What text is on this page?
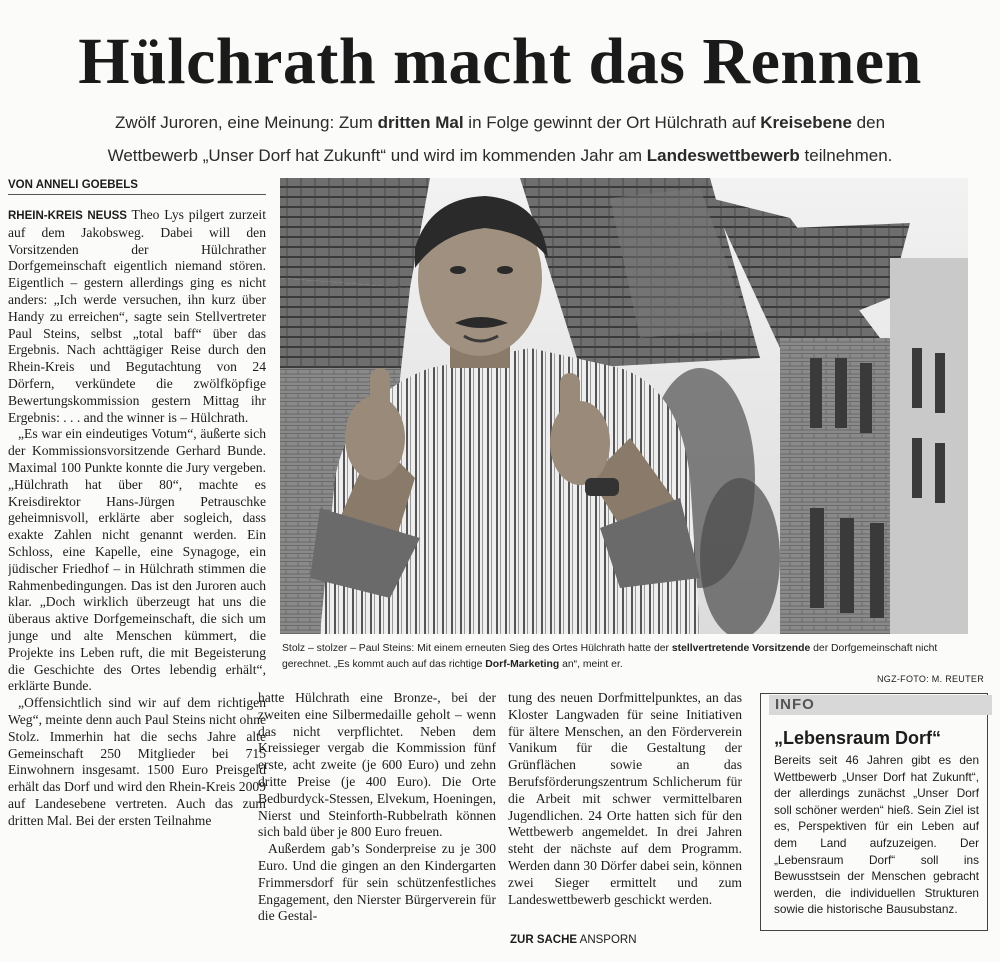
Hülchrath macht das Rennen
Zwölf Juroren, eine Meinung: Zum dritten Mal in Folge gewinnt der Ort Hülchrath auf Kreisebene den
Wettbewerb „Unser Dorf hat Zukunft“ und wird im kommenden Jahr am Landeswettbewerb teilnehmen.
VON ANNELI GOEBELS

RHEIN-KREIS NEUSS Theo Lys pilgert zurzeit auf dem Jakobsweg. Dabei will den Vorsitzenden der Hülchrather Dorfgemeinschaft eigentlich niemand stören. Eigentlich – gestern allerdings ging es nicht anders: „Ich werde versuchen, ihn kurz über Handy zu erreichen“, sagte sein Stellvertreter Paul Steins, selbst „total baff“ über das Ergebnis. Nach achttägiger Reise durch den Rhein-Kreis und Begutachtung von 24 Dörfern, verkündete die zwölfköpfige Bewertungskommission gestern Mittag ihr Ergebnis: . . . and the winner is – Hülchrath.

„Es war ein eindeutiges Votum“, äußerte sich der Kommissionsvorsitzende Gerhard Bunde. Maximal 100 Punkte konnte die Jury vergeben. „Hülchrath hat über 80“, machte es Kreisdirektor Hans-Jürgen Petrauschke geheimnisvoll, erklärte aber sogleich, dass exakte Zahlen nicht genannt werden. Ein Schloss, eine Kapelle, eine Synagoge, ein jüdischer Friedhof – in Hülchrath stimmen die Rahmenbedingungen. Das ist den Juroren auch klar. „Doch wirklich überzeugt hat uns die überaus aktive Dorfgemeinschaft, die sich um junge und alte Menschen kümmert, die Projekte ins Leben ruft, die mit Begeisterung die Geschichte des Ortes lebendig erhält“, erklärte Bunde.

„Offensichtlich sind wir auf dem richtigen Weg“, meinte denn auch Paul Steins nicht ohne Stolz. Immerhin hat die sechs Jahre alte Gemeinschaft 250 Mitglieder bei 715 Einwohnern insgesamt. 1500 Euro Preisgeld erhält das Dorf und wird den Rhein-Kreis 2009 auf Landesebene vertreten. Auch das zum dritten Mal. Bei der ersten Teilnahme

hatte Hülchrath eine Bronze-, bei der zweiten eine Silbermedaille geholt – wenn das nicht verpflichtet. Neben dem Kreissieger vergab die Kommission fünf erste, acht zweite (je 600 Euro) und zehn dritte Preise (je 400 Euro). Die Orte Bedburdyck-Stessen, Elvekum, Hoeningen, Nierst und Steinforth-Rubbelrath können sich bald über je 800 Euro freuen.

Außerdem gab’s Sonderpreise zu je 300 Euro. Und die gingen an den Kindergarten Frimmersdorf für sein schützenfestliches Engagement, den Nierster Bürgerverein für die Gestal-

tung des neuen Dorfmittelpunktes, an das Kloster Langwaden für seine Initiativen für ältere Menschen, an den Förderverein Vanikum für die Gestaltung der Grünflächen sowie an das Berufsförderungszentrum Schlicherum für die Arbeit mit schwer vermittelbaren Jugendlichen. 24 Orte hatten sich für den Wettbewerb angemeldet. In drei Jahren steht der nächste auf dem Programm. Werden dann 30 Dörfer dabei sein, können zwei Sieger ermittelt und zum Landeswettbewerb geschickt werden.

ZUR SACHE ANSPORN
Stolz – stolzer – Paul Steins: Mit einem erneuten Sieg des Ortes Hülchrath hatte der stellvertretende Vorsitzende der Dorfgemeinschaft nicht gerechnet. „Es kommt auch auf das richtige Dorf-Marketing an“, meint er.
NGZ-FOTO: M. REUTER
INFO
„Lebensraum Dorf“
Bereits seit 46 Jahren gibt es den Wettbewerb „Unser Dorf hat Zukunft“, der allerdings zunächst „Unser Dorf soll schöner werden“ hieß. Sein Ziel ist es, Perspektiven für ein Leben auf dem Land aufzuzeigen. Der „Lebensraum Dorf“ soll ins Bewusstsein der Menschen gebracht werden, die individuellen Strukturen sowie die historische Bausubstanz.
